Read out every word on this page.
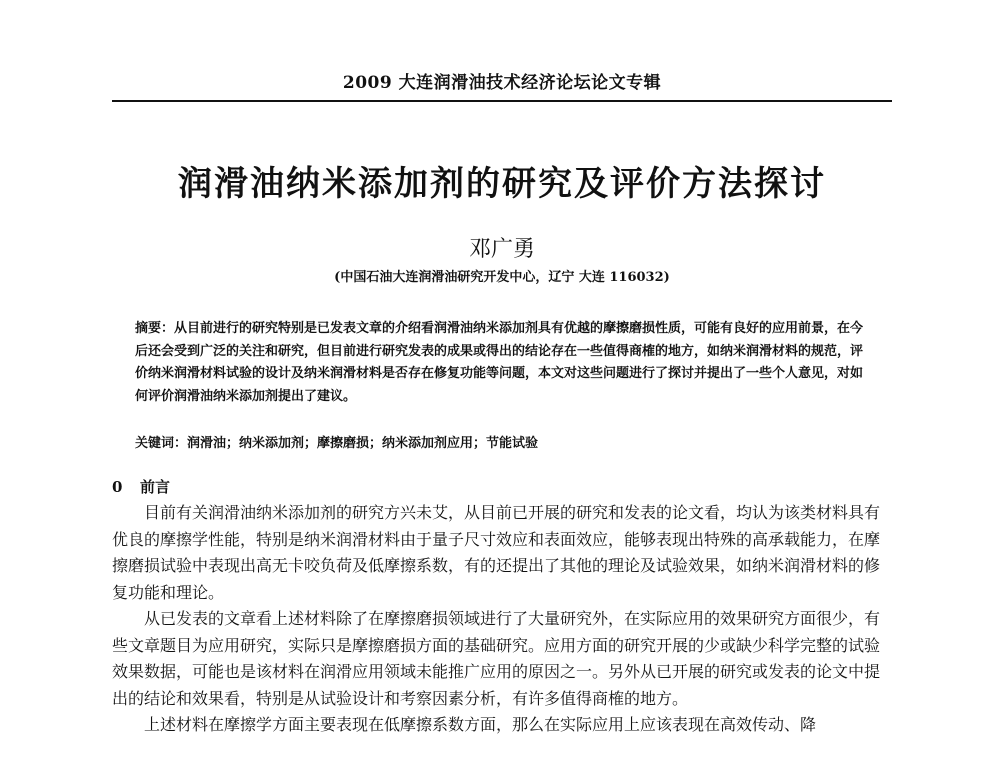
2009 大连润滑油技术经济论坛论文专辑
润滑油纳米添加剂的研究及评价方法探讨
邓广勇
(中国石油大连润滑油研究开发中心，辽宁 大连 116032)
摘要：从目前进行的研究特别是已发表文章的介绍看润滑油纳米添加剂具有优越的摩擦磨损性质，可能有良好的应用前景，在今后还会受到广泛的关注和研究，但目前进行研究发表的成果或得出的结论存在一些值得商榷的地方，如纳米润滑材料的规范，评价纳米润滑材料试验的设计及纳米润滑材料是否存在修复功能等问题，本文对这些问题进行了探讨并提出了一些个人意见，对如何评价润滑油纳米添加剂提出了建议。
关键词：润滑油；纳米添加剂；摩擦磨损；纳米添加剂应用；节能试验
0 前言

目前有关润滑油纳米添加剂的研究方兴未艾，从目前已开展的研究和发表的论文看，均认为该类材料具有优良的摩擦学性能，特别是纳米润滑材料由于量子尺寸效应和表面效应，能够表现出特殊的高承载能力，在摩擦磨损试验中表现出高无卡咬负荷及低摩擦系数，有的还提出了其他的理论及试验效果，如纳米润滑材料的修复功能和理论。

从已发表的文章看上述材料除了在摩擦磨损领域进行了大量研究外，在实际应用的效果研究方面很少，有些文章题目为应用研究，实际只是摩擦磨损方面的基础研究。应用方面的研究开展的少或缺少科学完整的试验效果数据，可能也是该材料在润滑应用领域未能推广应用的原因之一。另外从已开展的研究或发表的论文中提出的结论和效果看，特别是从试验设计和考察因素分析，有许多值得商榷的地方。

上述材料在摩擦学方面主要表现在低摩擦系数方面，那么在实际应用上应该表现在高效传动、降
